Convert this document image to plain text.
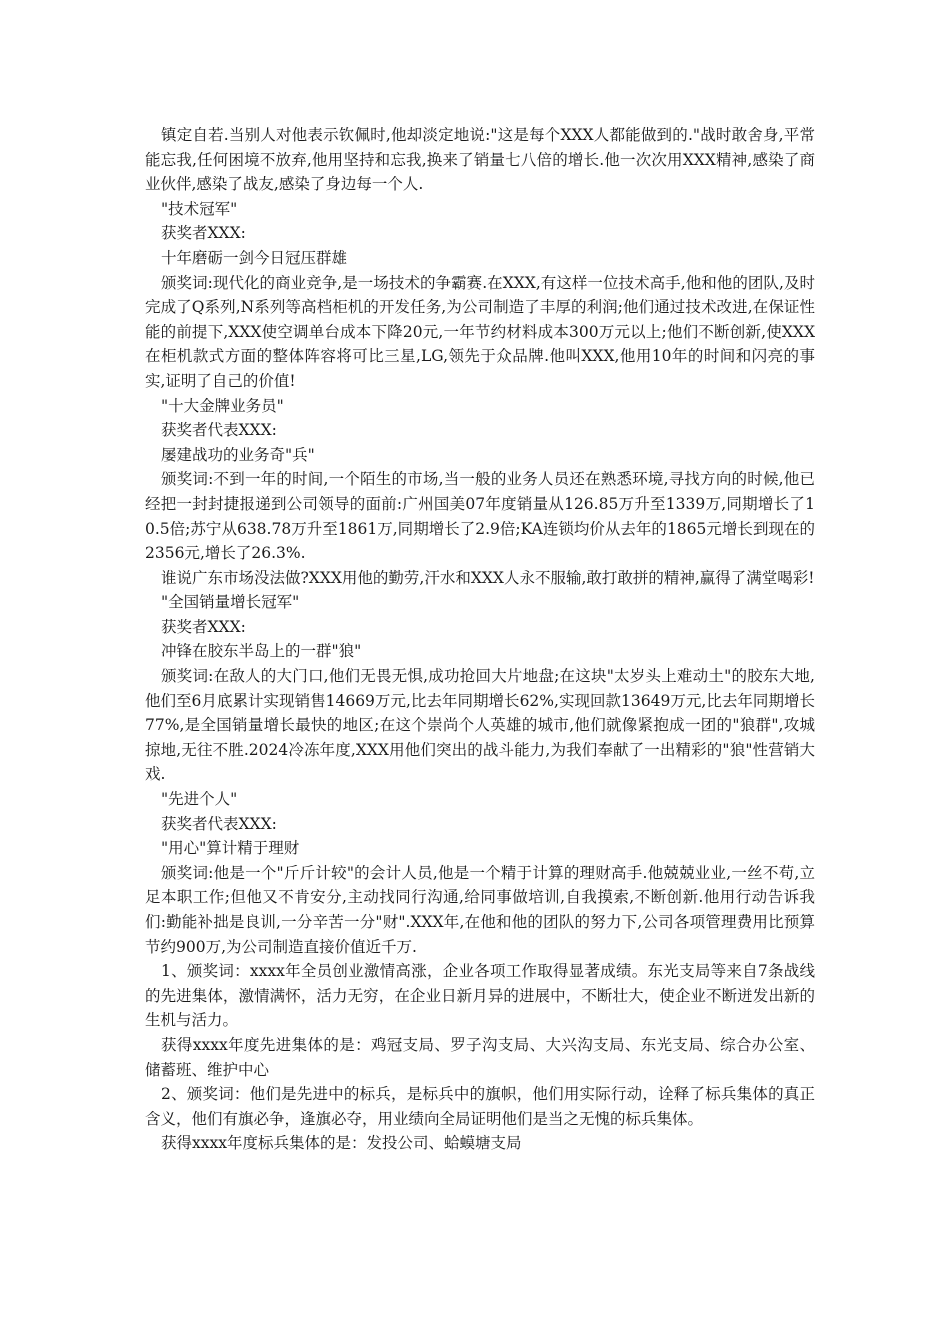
镇定自若.当别人对他表示钦佩时,他却淡定地说:"这是每个XXX人都能做到的."战时敢舍身,平常能忘我,任何困境不放弃,他用坚持和忘我,换来了销量七八倍的增长.他一次次用XXX精神,感染了商业伙伴,感染了战友,感染了身边每一个人.

"技术冠军"

获奖者XXX:

十年磨砺一剑今日冠压群雄

颁奖词:现代化的商业竞争,是一场技术的争霸赛.在XXX,有这样一位技术高手,他和他的团队,及时完成了Q系列,N系列等高档柜机的开发任务,为公司制造了丰厚的利润;他们通过技术改进,在保证性能的前提下,XXX使空调单台成本下降20元,一年节约材料成本300万元以上;他们不断创新,使XXX在柜机款式方面的整体阵容将可比三星,LG,领先于众品牌.他叫XXX,他用10年的时间和闪亮的事实,证明了自己的价值!

"十大金牌业务员"

获奖者代表XXX:

屡建战功的业务奇"兵"

颁奖词:不到一年的时间,一个陌生的市场,当一般的业务人员还在熟悉环境,寻找方向的时候,他已经把一封封捷报递到公司领导的面前:广州国美07年度销量从126.85万升至1339万,同期增长了10.5倍;苏宁从638.78万升至1861万,同期增长了2.9倍;KA连锁均价从去年的1865元增长到现在的2356元,增长了26.3%.

谁说广东市场没法做?XXX用他的勤劳,汗水和XXX人永不服输,敢打敢拼的精神,赢得了满堂喝彩!

"全国销量增长冠军"

获奖者XXX:

冲锋在胶东半岛上的一群"狼"

颁奖词:在敌人的大门口,他们无畏无惧,成功抢回大片地盘;在这块"太岁头上难动土"的胶东大地,他们至6月底累计实现销售14669万元,比去年同期增长62%,实现回款13649万元,比去年同期增长77%,是全国销量增长最快的地区;在这个崇尚个人英雄的城市,他们就像紧抱成一团的"狼群",攻城掠地,无往不胜.2024冷冻年度,XXX用他们突出的战斗能力,为我们奉献了一出精彩的"狼"性营销大戏.

"先进个人"

获奖者代表XXX:

"用心"算计精于理财

颁奖词:他是一个"斤斤计较"的会计人员,他是一个精于计算的理财高手.他兢兢业业,一丝不苟,立足本职工作;但他又不肯安分,主动找同行沟通,给同事做培训,自我摸索,不断创新.他用行动告诉我们:勤能补拙是良训,一分辛苦一分"财".XXX年,在他和他的团队的努力下,公司各项管理费用比预算节约900万,为公司制造直接价值近千万.

1、颁奖词：xxxx年全员创业激情高涨，企业各项工作取得显著成绩。东光支局等来自7条战线的先进集体，激情满怀，活力无穷，在企业日新月异的进展中，不断壮大，使企业不断迸发出新的生机与活力。

获得xxxx年度先进集体的是：鸡冠支局、罗子沟支局、大兴沟支局、东光支局、综合办公室、储蓄班、维护中心

2、颁奖词：他们是先进中的标兵，是标兵中的旗帜，他们用实际行动，诠释了标兵集体的真正含义，他们有旗必争，逢旗必夺，用业绩向全局证明他们是当之无愧的标兵集体。

获得xxxx年度标兵集体的是：发投公司、蛤蟆塘支局
